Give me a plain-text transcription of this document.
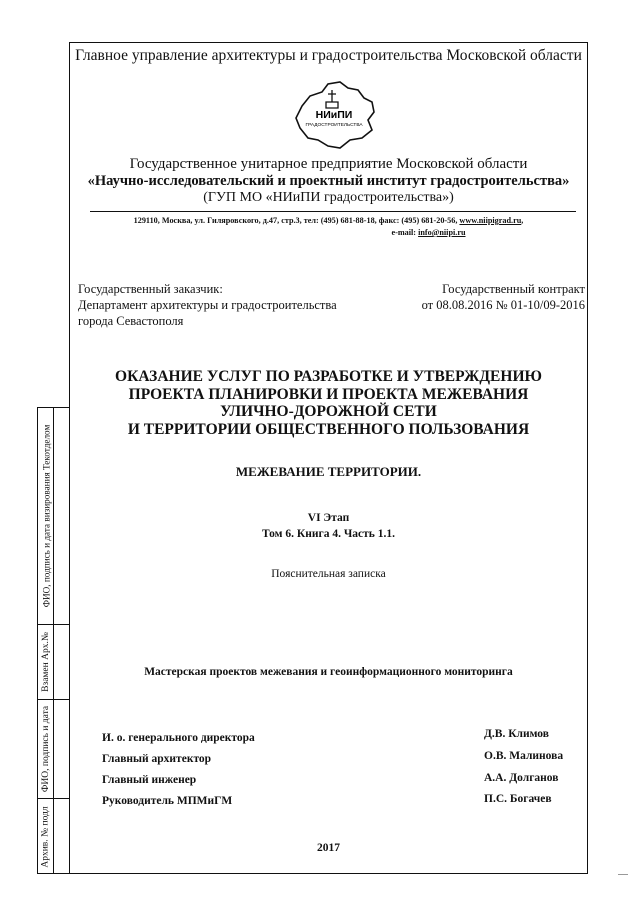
ФИО, подпись и дата визирования Текотделом
Взамен Арх.№
ФИО, подпись и дата
Архив. № подл
Главное управление архитектуры и градостроительства Московской области
НИиПИ
ГРАДОСТРОИТЕЛЬСТВА
Государственное унитарное предприятие Московской области
«Научно-исследовательский и проектный институт градостроительства»
(ГУП МО «НИиПИ градостроительства»)
129110, Москва, ул. Гиляровского, д.47, стр.3, тел: (495) 681-88-18, факс: (495) 681-20-56, www.niipigrad.ru,
e-mail: info@niipi.ru
Государственный заказчик:
Департамент архитектуры и градостроительства
города Севастополя
Государственный контракт
от 08.08.2016 № 01-10/09-2016
ОКАЗАНИЕ УСЛУГ ПО РАЗРАБОТКЕ И УТВЕРЖДЕНИЮ
ПРОЕКТА ПЛАНИРОВКИ И ПРОЕКТА МЕЖЕВАНИЯ
УЛИЧНО-ДОРОЖНОЙ СЕТИ
И ТЕРРИТОРИИ ОБЩЕСТВЕННОГО ПОЛЬЗОВАНИЯ
МЕЖЕВАНИЕ ТЕРРИТОРИИ.
VI Этап
Том 6. Книга 4. Часть 1.1.
Пояснительная записка
Мастерская проектов межевания и геоинформационного мониторинга
И. о. генерального директора	Д.В. Климов
Главный архитектор	О.В. Малинова
Главный инженер	А.А. Долганов
Руководитель МПМиГМ	П.С. Богачев
2017
